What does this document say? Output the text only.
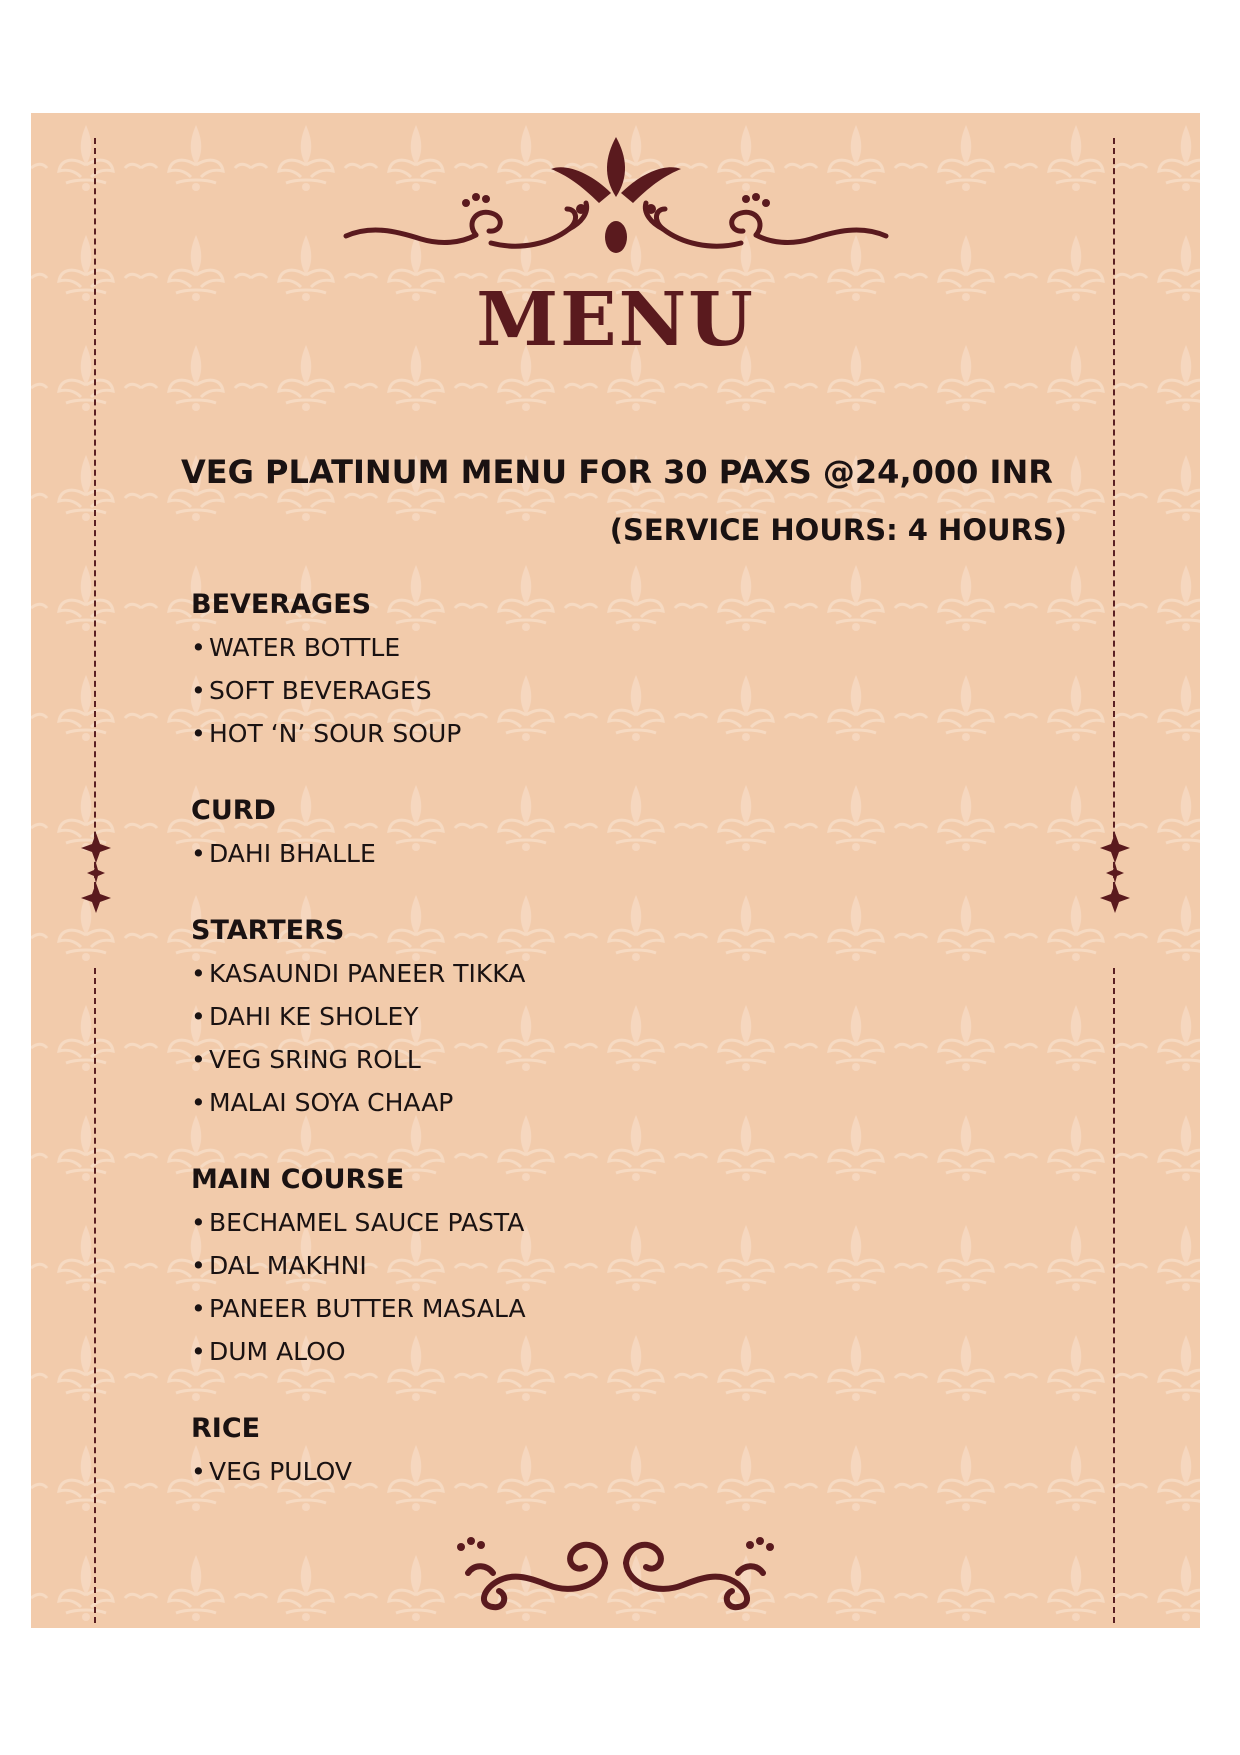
MENU
VEG PLATINUM MENU FOR 30 PAXS @24,000 INR
(SERVICE HOURS: 4 HOURS)
BEVERAGES
• WATER BOTTLE
• SOFT BEVERAGES
• HOT ‘N’ SOUR SOUP
CURD
• DAHI BHALLE
STARTERS
• KASAUNDI PANEER TIKKA
• DAHI KE SHOLEY
• VEG SRING ROLL
• MALAI SOYA CHAAP
MAIN COURSE
• BECHAMEL SAUCE PASTA
• DAL MAKHNI
• PANEER BUTTER MASALA
• DUM ALOO
RICE
• VEG PULOV
